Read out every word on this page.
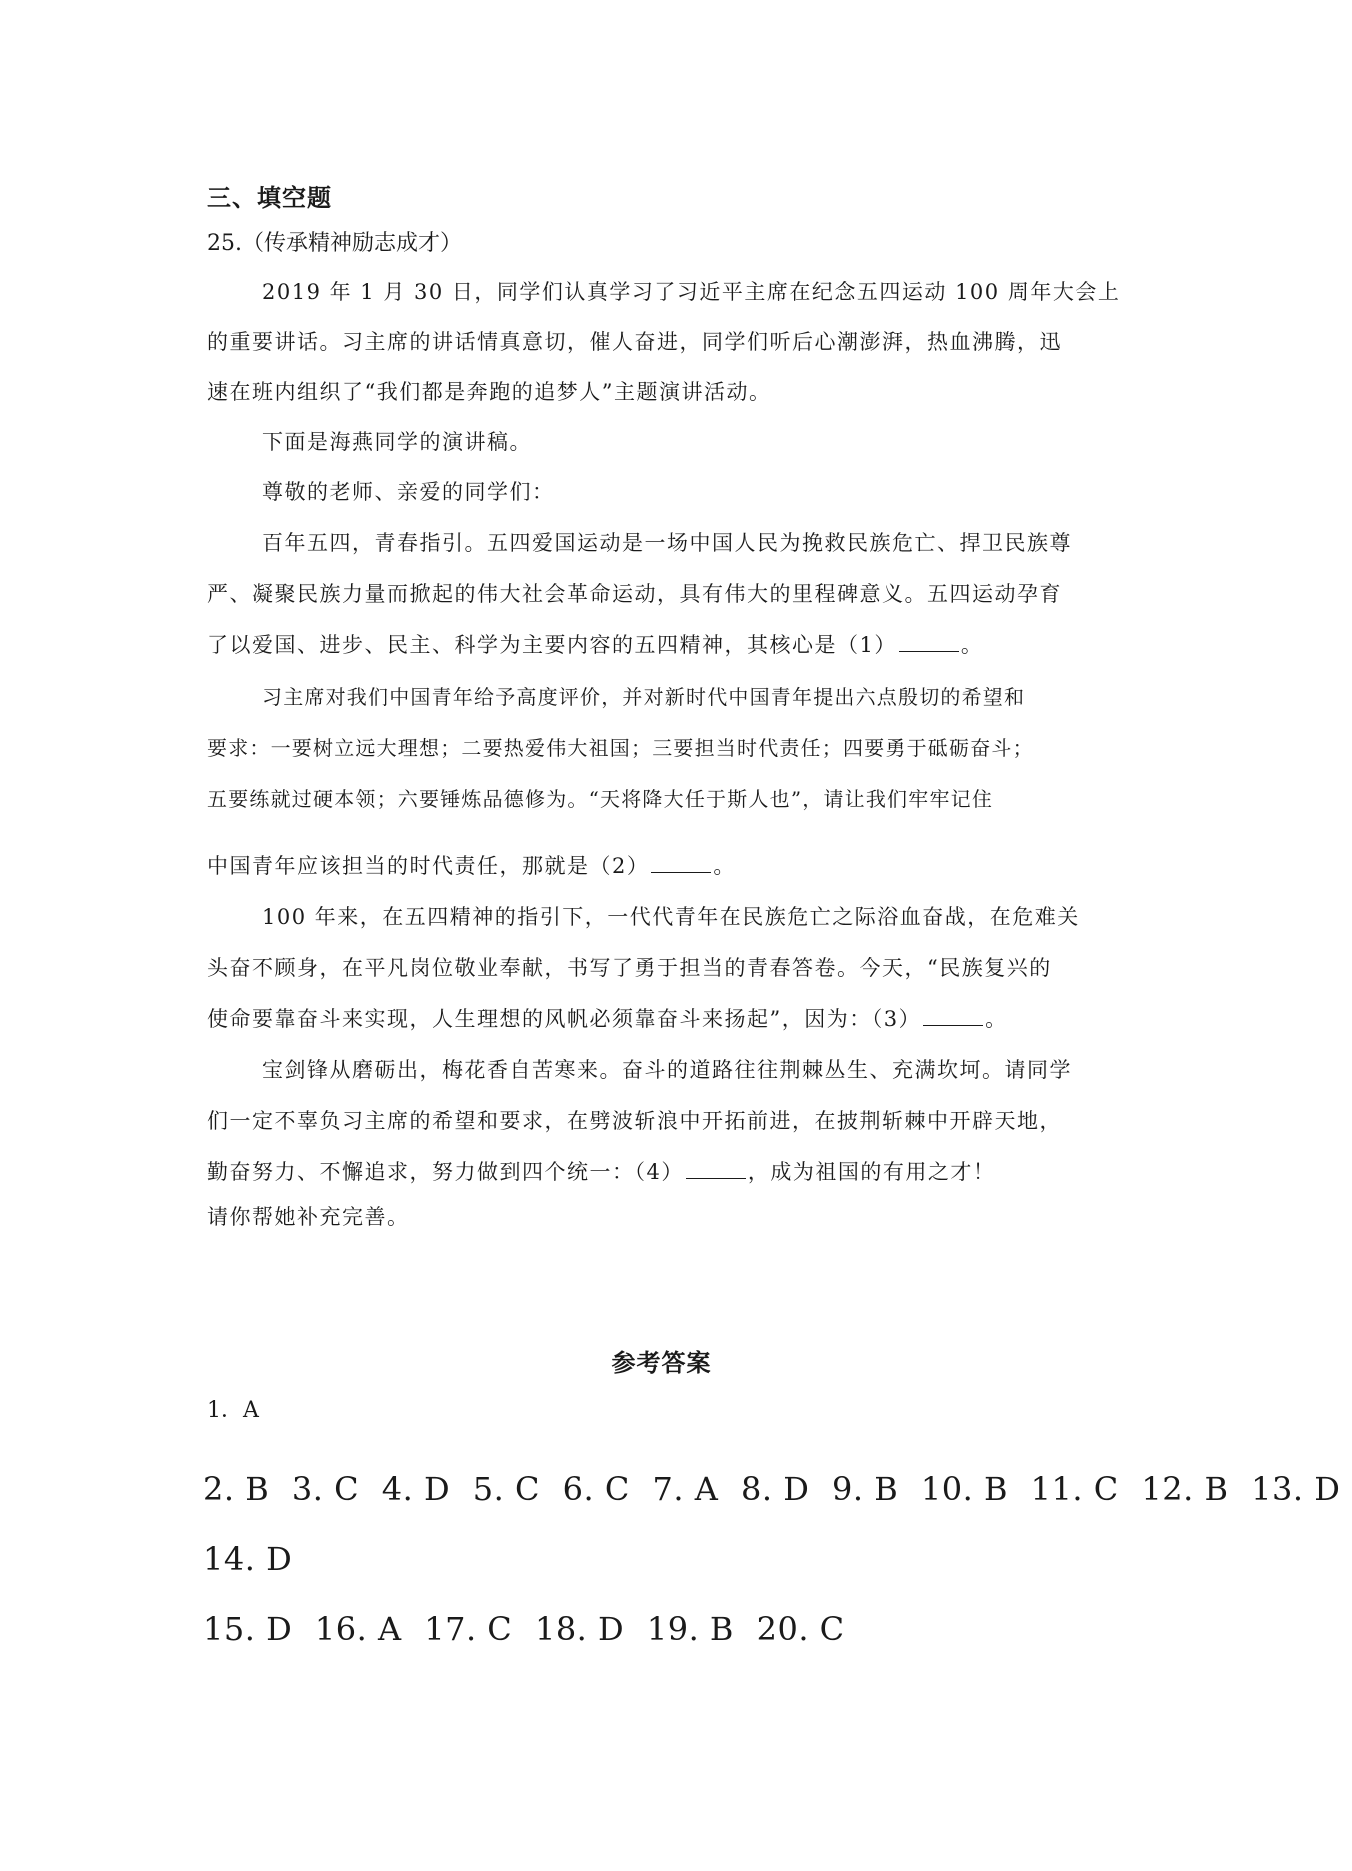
三、填空题
25.（传承精神励志成才）
2019 年 1 月 30 日，同学们认真学习了习近平主席在纪念五四运动 100 周年大会上
的重要讲话。习主席的讲话情真意切，催人奋进，同学们听后心潮澎湃，热血沸腾，迅
速在班内组织了“我们都是奔跑的追梦人”主题演讲活动。
下面是海燕同学的演讲稿。
尊敬的老师、亲爱的同学们：
百年五四，青春指引。五四爱国运动是一场中国人民为挽救民族危亡、捍卫民族尊
严、凝聚民族力量而掀起的伟大社会革命运动，具有伟大的里程碑意义。五四运动孕育
了以爱国、进步、民主、科学为主要内容的五四精神，其核心是（1）	。
习主席对我们中国青年给予高度评价，并对新时代中国青年提出六点殷切的希望和
要求：一要树立远大理想；二要热爱伟大祖国；三要担当时代责任；四要勇于砥砺奋斗；
五要练就过硬本领；六要锤炼品德修为。“天将降大任于斯人也”，请让我们牢牢记住
中国青年应该担当的时代责任，那就是（2）	。
100 年来，在五四精神的指引下，一代代青年在民族危亡之际浴血奋战，在危难关
头奋不顾身，在平凡岗位敬业奉献，书写了勇于担当的青春答卷。今天，“民族复兴的
使命要靠奋斗来实现，人生理想的风帆必须靠奋斗来扬起”，因为：（3）	。
宝剑锋从磨砺出，梅花香自苦寒来。奋斗的道路往往荆棘丛生、充满坎坷。请同学
们一定不辜负习主席的希望和要求，在劈波斩浪中开拓前进，在披荆斩棘中开辟天地，
勤奋努力、不懈追求，努力做到四个统一：（4）	，成为祖国的有用之才！
请你帮她补充完善。
参考答案
1．A
2. B 3. C 4. D 5. C 6. C 7. A 8. D 9. B 10. B 11. C 12. B 13. D
14. D
15. D 16. A 17. C 18. D 19. B 20. C
